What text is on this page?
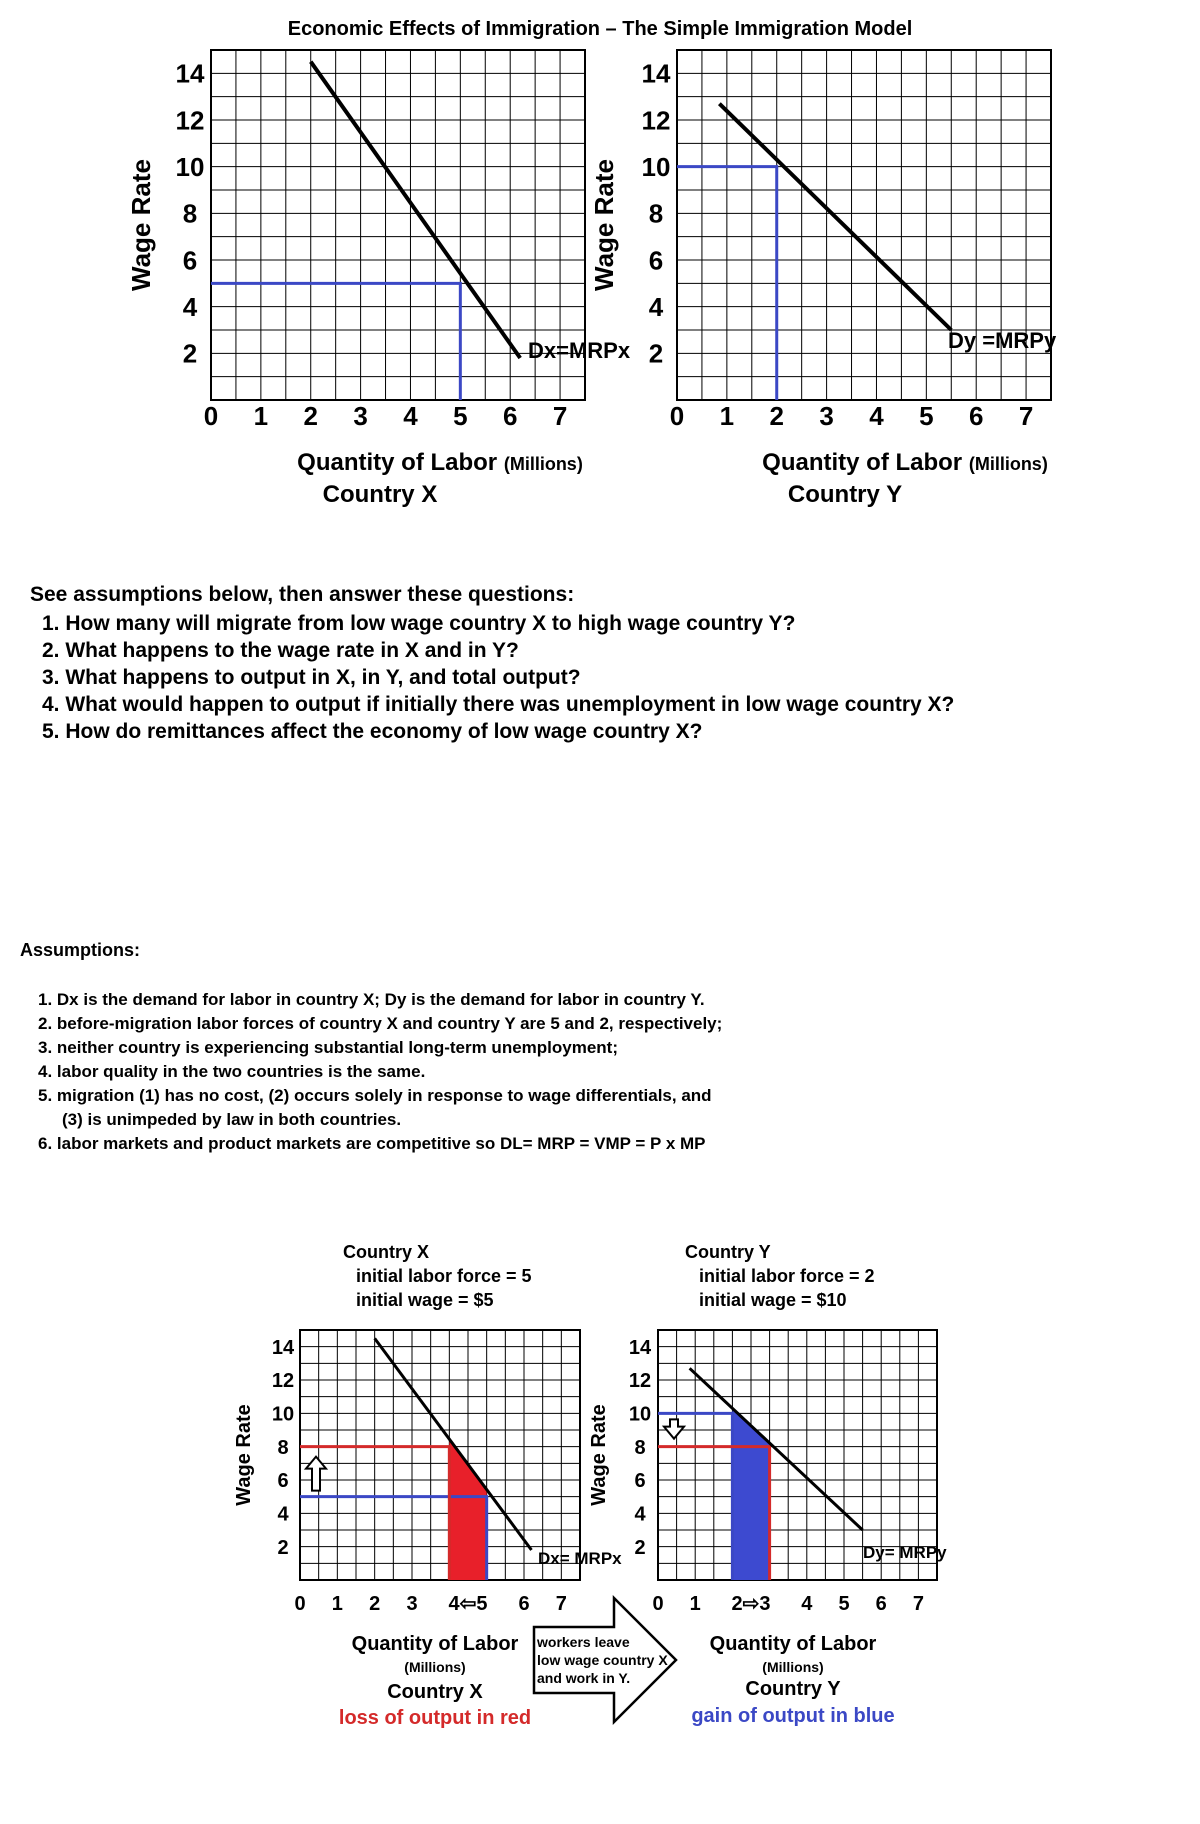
Economic Effects of Immigration – The Simple Immigration Model
Dx=MRPx
2
4
6
8
10
12
14
0 1 2 3 4 5 6 7
Wage Rate
Quantity of Labor (Millions)
Country X
Dy =MRPy
2
4
6
8
10
12
14
0 1 2 3 4 5 6 7
Wage Rate
Quantity of Labor (Millions)
Country Y
Dx= MRPx
2
4
6
8
10
12
14
0 1 2 3 4⇦5 6 7
Wage Rate
Quantity of Labor
(Millions)
Country X
loss of output in red
Dy= MRPy
2
4
6
8
10
12
14
0 1 2⇨3 4 5 6 7
Wage Rate
Quantity of Labor
(Millions)
Country Y
gain of output in blue
See assumptions below, then answer these questions:
1. How many will migrate from low wage country X to high wage country Y?
2. What happens to the wage rate in X and in Y?
3. What happens to output in X, in Y, and total output?
4. What would happen to output if initially there was unemployment in low wage country X?
5. How do remittances affect the economy of low wage country X?
Assumptions:
1. Dx is the demand for labor in country X; Dy is the demand for labor in country Y.
2. before-migration labor forces of country X and country Y are 5 and 2, respectively;
3. neither country is experiencing substantial long-term unemployment;
4. labor quality in the two countries is the same.
5. migration (1) has no cost, (2) occurs solely in response to wage differentials, and
(3) is unimpeded by law in both countries.
6. labor markets and product markets are competitive so DL= MRP = VMP = P x MP
Country X
initial labor force = 5
initial wage = $5
Country Y
initial labor force = 2
initial wage = $10
workers leave
low wage country X
and work in Y.
